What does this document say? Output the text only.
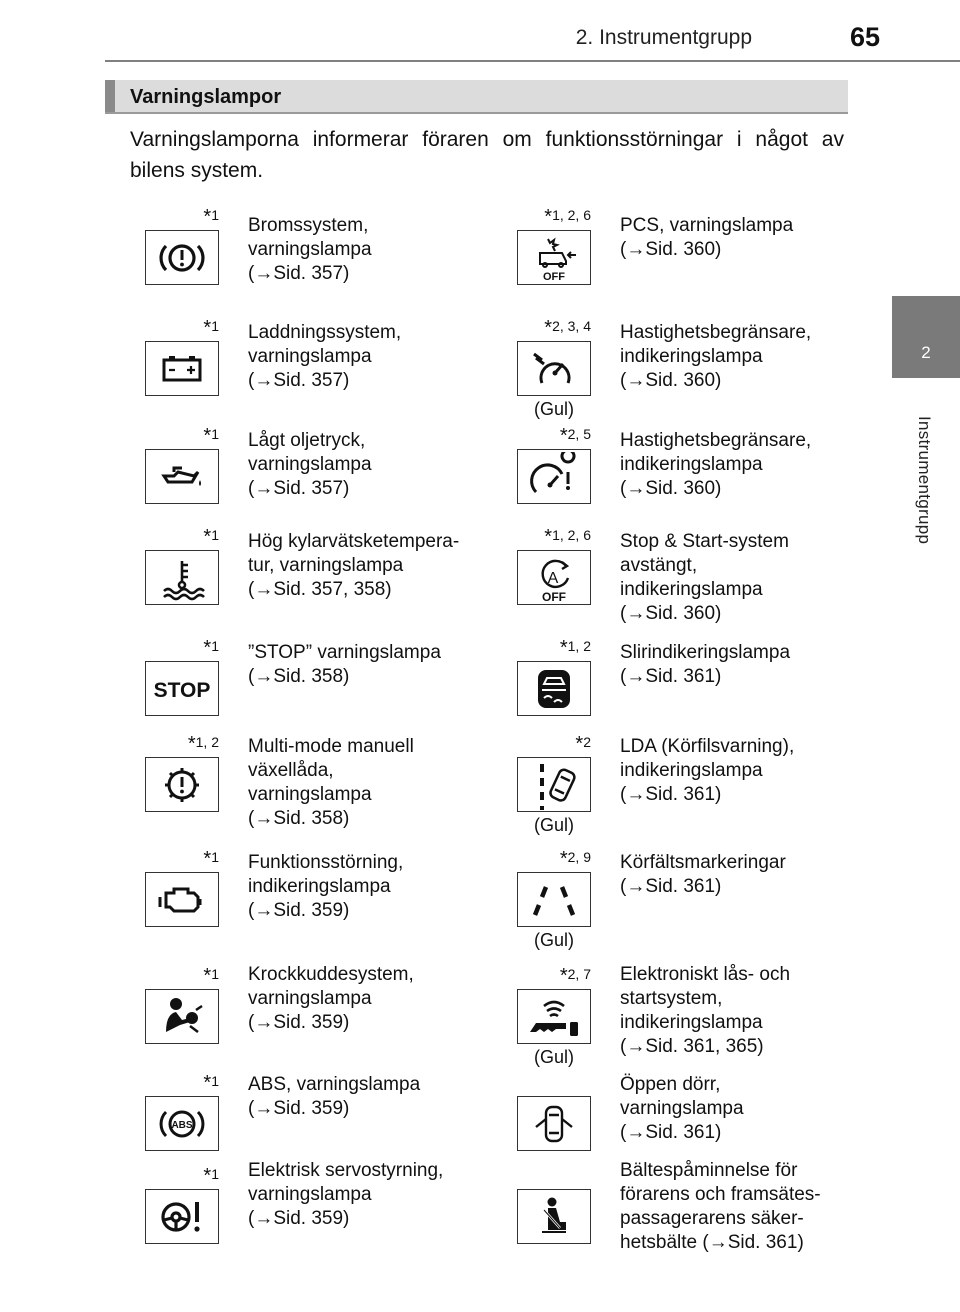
2. Instrumentgrupp	65
2
Instrumentgrupp
Varningslampor
Varningslamporna informerar föraren om funktionsstörningar i något av bilens system.
*1 Bromssystem,
varningslampa
(→Sid. 357)
*1, 2, 6
OFF
PCS, varningslampa
(→Sid. 360)
*1 Laddningssystem,
varningslampa
(→Sid. 357)
*2, 3, 4
(Gul)
Hastighetsbegränsare,
indikeringslampa
(→Sid. 360)
*1 Lågt oljetryck,
varningslampa
(→Sid. 357)
*2, 5 Hastighetsbegränsare,
indikeringslampa
(→Sid. 360)
*1 Hög kylarvätsketempera-
tur, varningslampa
(→Sid. 357, 358)
*1, 2, 6
A
OFF
Stop & Start-system
avstängt,
indikeringslampa
(→Sid. 360)
*1
STOP
”STOP” varningslampa
(→Sid. 358)
*1, 2 Slirindikeringslampa
(→Sid. 361)
*1, 2 Multi-mode manuell
växellåda,
varningslampa
(→Sid. 358)
*2
(Gul)
LDA (Körfilsvarning),
indikeringslampa
(→Sid. 361)
*1 Funktionsstörning,
indikeringslampa
(→Sid. 359)
*2, 9
(Gul)
Körfältsmarkeringar
(→Sid. 361)
*1 Krockkuddesystem,
varningslampa
(→Sid. 359)
*2, 7
(Gul)
Elektroniskt lås- och
startsystem,
indikeringslampa
(→Sid. 361, 365)
*1
ABS
ABS, varningslampa
(→Sid. 359)
Öppen dörr,
varningslampa
(→Sid. 361)
*1 Elektrisk servostyrning,
varningslampa
(→Sid. 359)
Bältespåminnelse för
förarens och framsätes-
passagerarens säker-
hetsbälte (→Sid. 361)
